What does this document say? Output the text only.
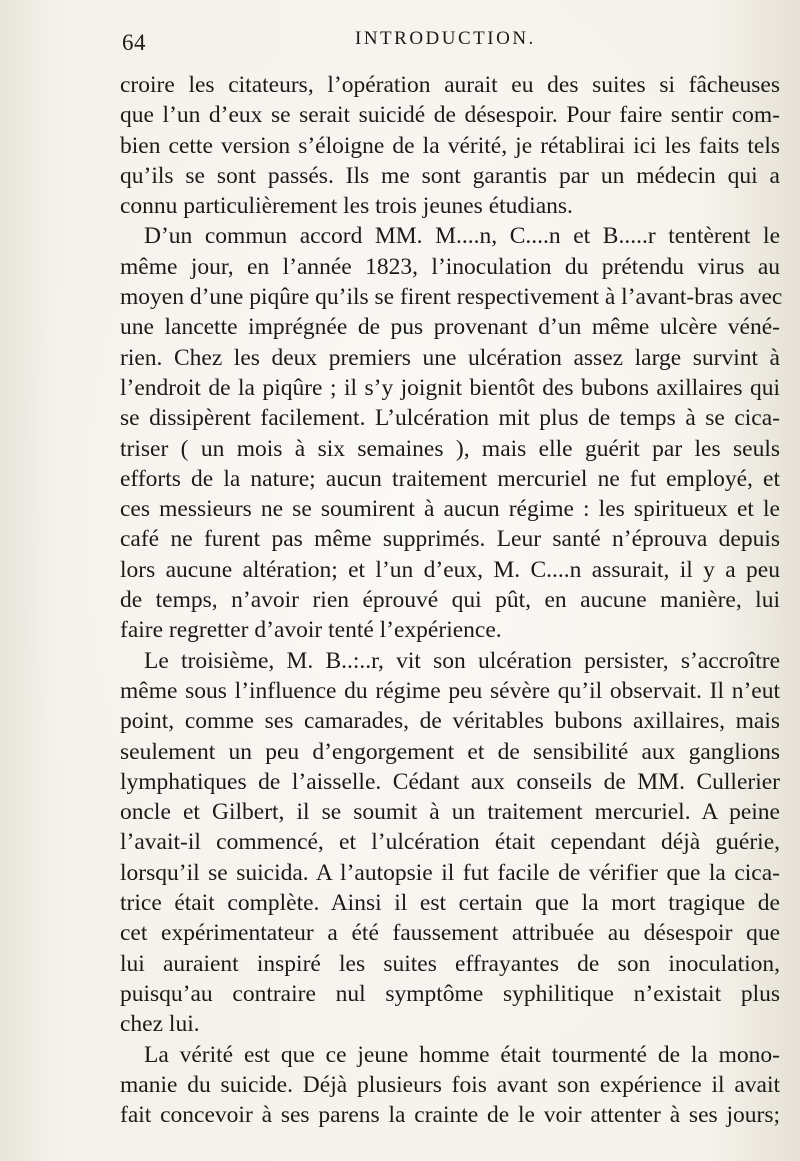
64	INTRODUCTION.
croire les citateurs, l’opération aurait eu des suites si fâcheuses
que l’un d’eux se serait suicidé de désespoir. Pour faire sentir com-
bien cette version s’éloigne de la vérité, je rétablirai ici les faits tels
qu’ils se sont passés. Ils me sont garantis par un médecin qui a
connu particulièrement les trois jeunes étudians.
D’un commun accord MM. M....n, C....n et B.....r tentèrent le
même jour, en l’année 1823, l’inoculation du prétendu virus au
moyen d’une piqûre qu’ils se firent respectivement à l’avant-bras avec
une lancette imprégnée de pus provenant d’un même ulcère véné-
rien. Chez les deux premiers une ulcération assez large survint à
l’endroit de la piqûre ; il s’y joignit bientôt des bubons axillaires qui
se dissipèrent facilement. L’ulcération mit plus de temps à se cica-
triser ( un mois à six semaines ), mais elle guérit par les seuls
efforts de la nature; aucun traitement mercuriel ne fut employé, et
ces messieurs ne se soumirent à aucun régime : les spiritueux et le
café ne furent pas même supprimés. Leur santé n’éprouva depuis
lors aucune altération; et l’un d’eux, M. C....n assurait, il y a peu
de temps, n’avoir rien éprouvé qui pût, en aucune manière, lui
faire regretter d’avoir tenté l’expérience.
Le troisième, M. B..:..r, vit son ulcération persister, s’accroître
même sous l’influence du régime peu sévère qu’il observait. Il n’eut
point, comme ses camarades, de véritables bubons axillaires, mais
seulement un peu d’engorgement et de sensibilité aux ganglions
lymphatiques de l’aisselle. Cédant aux conseils de MM. Cullerier
oncle et Gilbert, il se soumit à un traitement mercuriel. A peine
l’avait-il commencé, et l’ulcération était cependant déjà guérie,
lorsqu’il se suicida. A l’autopsie il fut facile de vérifier que la cica-
trice était complète. Ainsi il est certain que la mort tragique de
cet expérimentateur a été faussement attribuée au désespoir que
lui auraient inspiré les suites effrayantes de son inoculation,
puisqu’au contraire nul symptôme syphilitique n’existait plus
chez lui.
La vérité est que ce jeune homme était tourmenté de la mono-
manie du suicide. Déjà plusieurs fois avant son expérience il avait
fait concevoir à ses parens la crainte de le voir attenter à ses jours;
